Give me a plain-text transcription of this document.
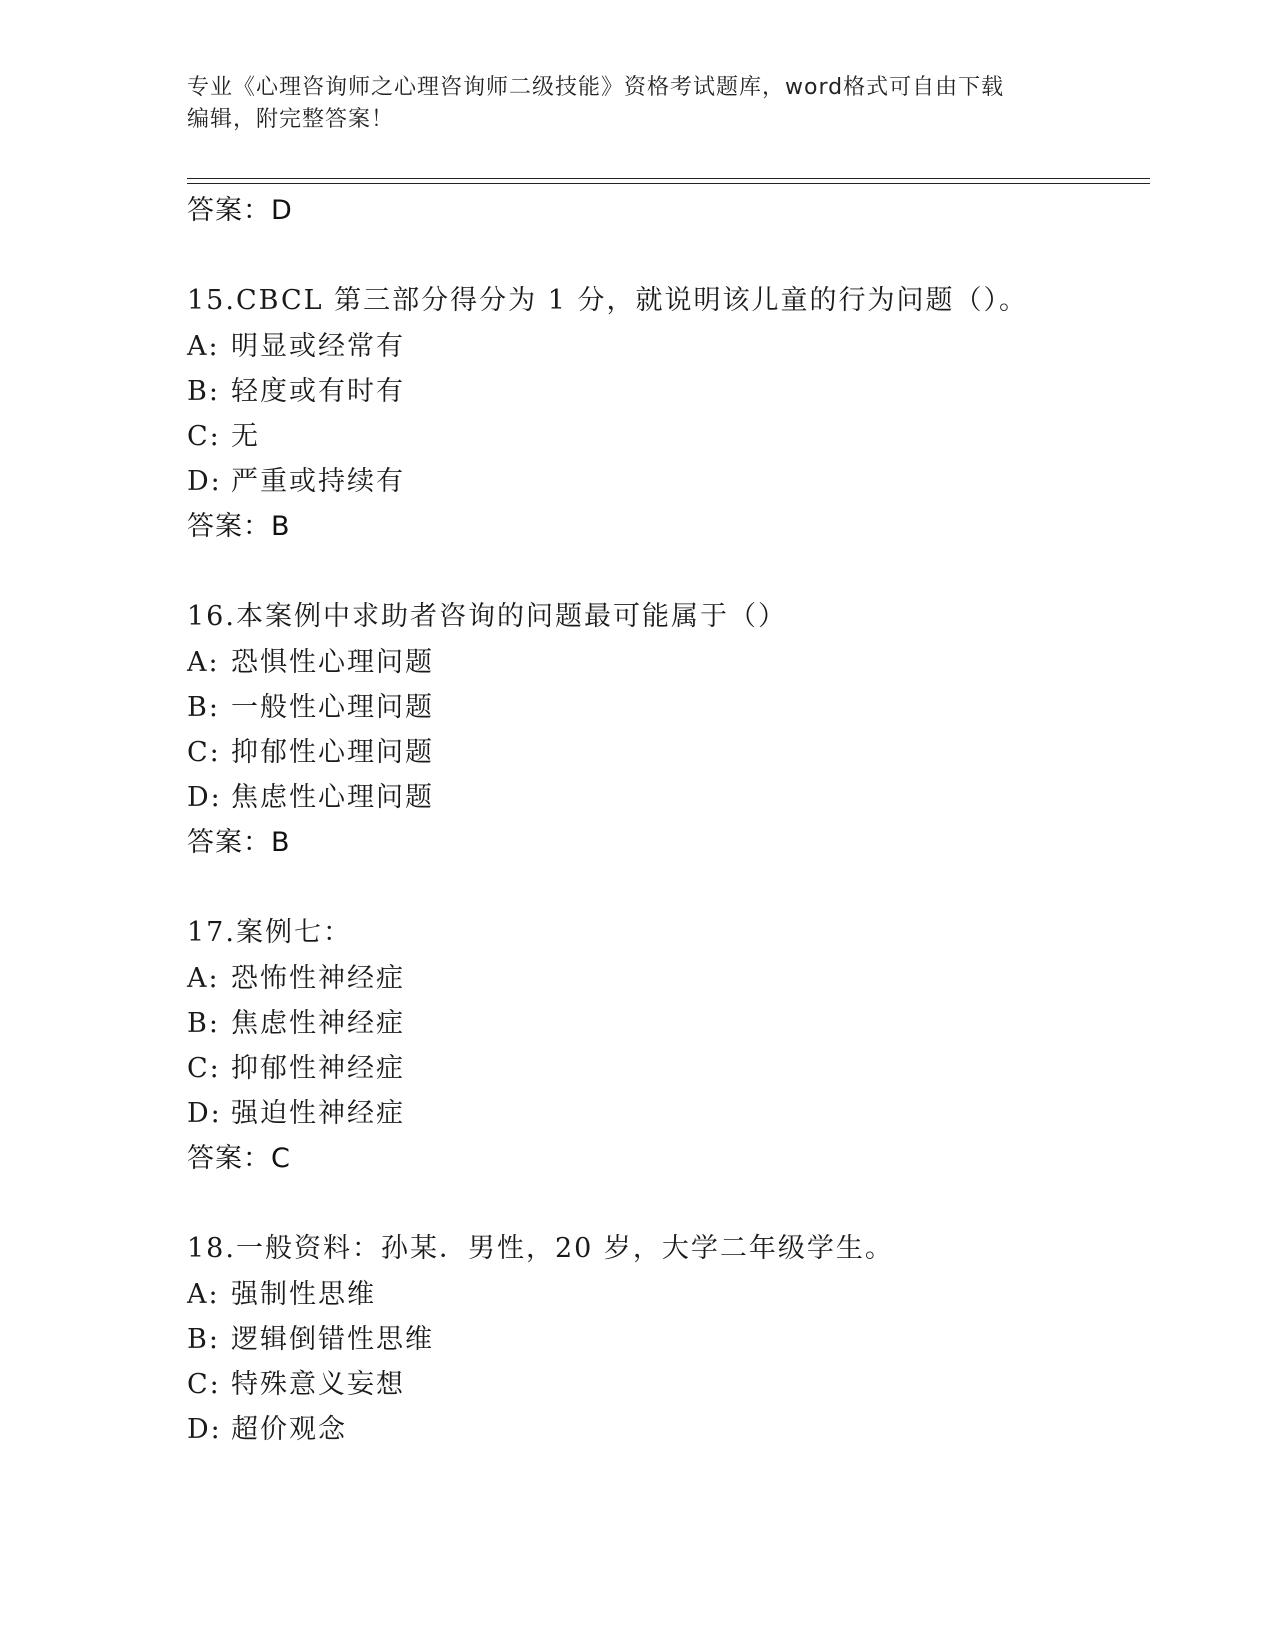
专业《心理咨询师之心理咨询师二级技能》资格考试题库，word格式可自由下载
编辑，附完整答案！
答案：D
15.CBCL 第三部分得分为 1 分，就说明该儿童的行为问题（）。
A: 明显或经常有
B: 轻度或有时有
C: 无
D: 严重或持续有
答案：B
16.本案例中求助者咨询的问题最可能属于（）
A: 恐惧性心理问题
B: 一般性心理问题
C: 抑郁性心理问题
D: 焦虑性心理问题
答案：B
17.案例七：
A: 恐怖性神经症
B: 焦虑性神经症
C: 抑郁性神经症
D: 强迫性神经症
答案：C
18.一般资料：孙某．男性，20 岁，大学二年级学生。
A: 强制性思维
B: 逻辑倒错性思维
C: 特殊意义妄想
D: 超价观念
